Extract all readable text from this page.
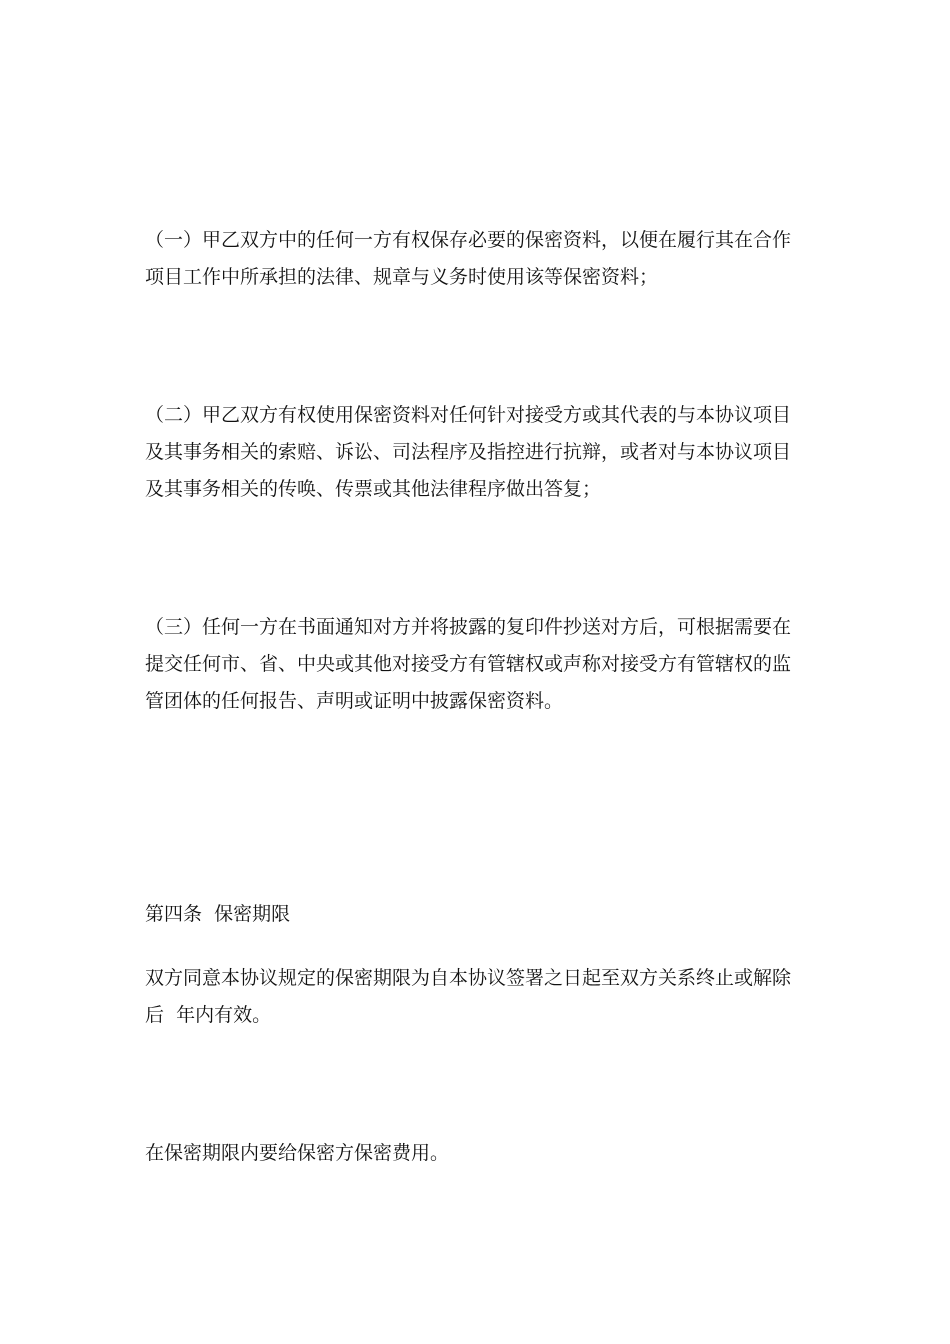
（一）甲乙双方中的任何一方有权保存必要的保密资料，以便在履行其在合作
项目工作中所承担的法律、规章与义务时使用该等保密资料；
（二）甲乙双方有权使用保密资料对任何针对接受方或其代表的与本协议项目
及其事务相关的索赔、诉讼、司法程序及指控进行抗辩，或者对与本协议项目
及其事务相关的传唤、传票或其他法律程序做出答复；
（三）任何一方在书面通知对方并将披露的复印件抄送对方后，可根据需要在
提交任何市、省、中央或其他对接受方有管辖权或声称对接受方有管辖权的监
管团体的任何报告、声明或证明中披露保密资料。

第四条  保密期限

双方同意本协议规定的保密期限为自本协议签署之日起至双方关系终止或解除
后  年内有效。
在保密期限内要给保密方保密费用。
